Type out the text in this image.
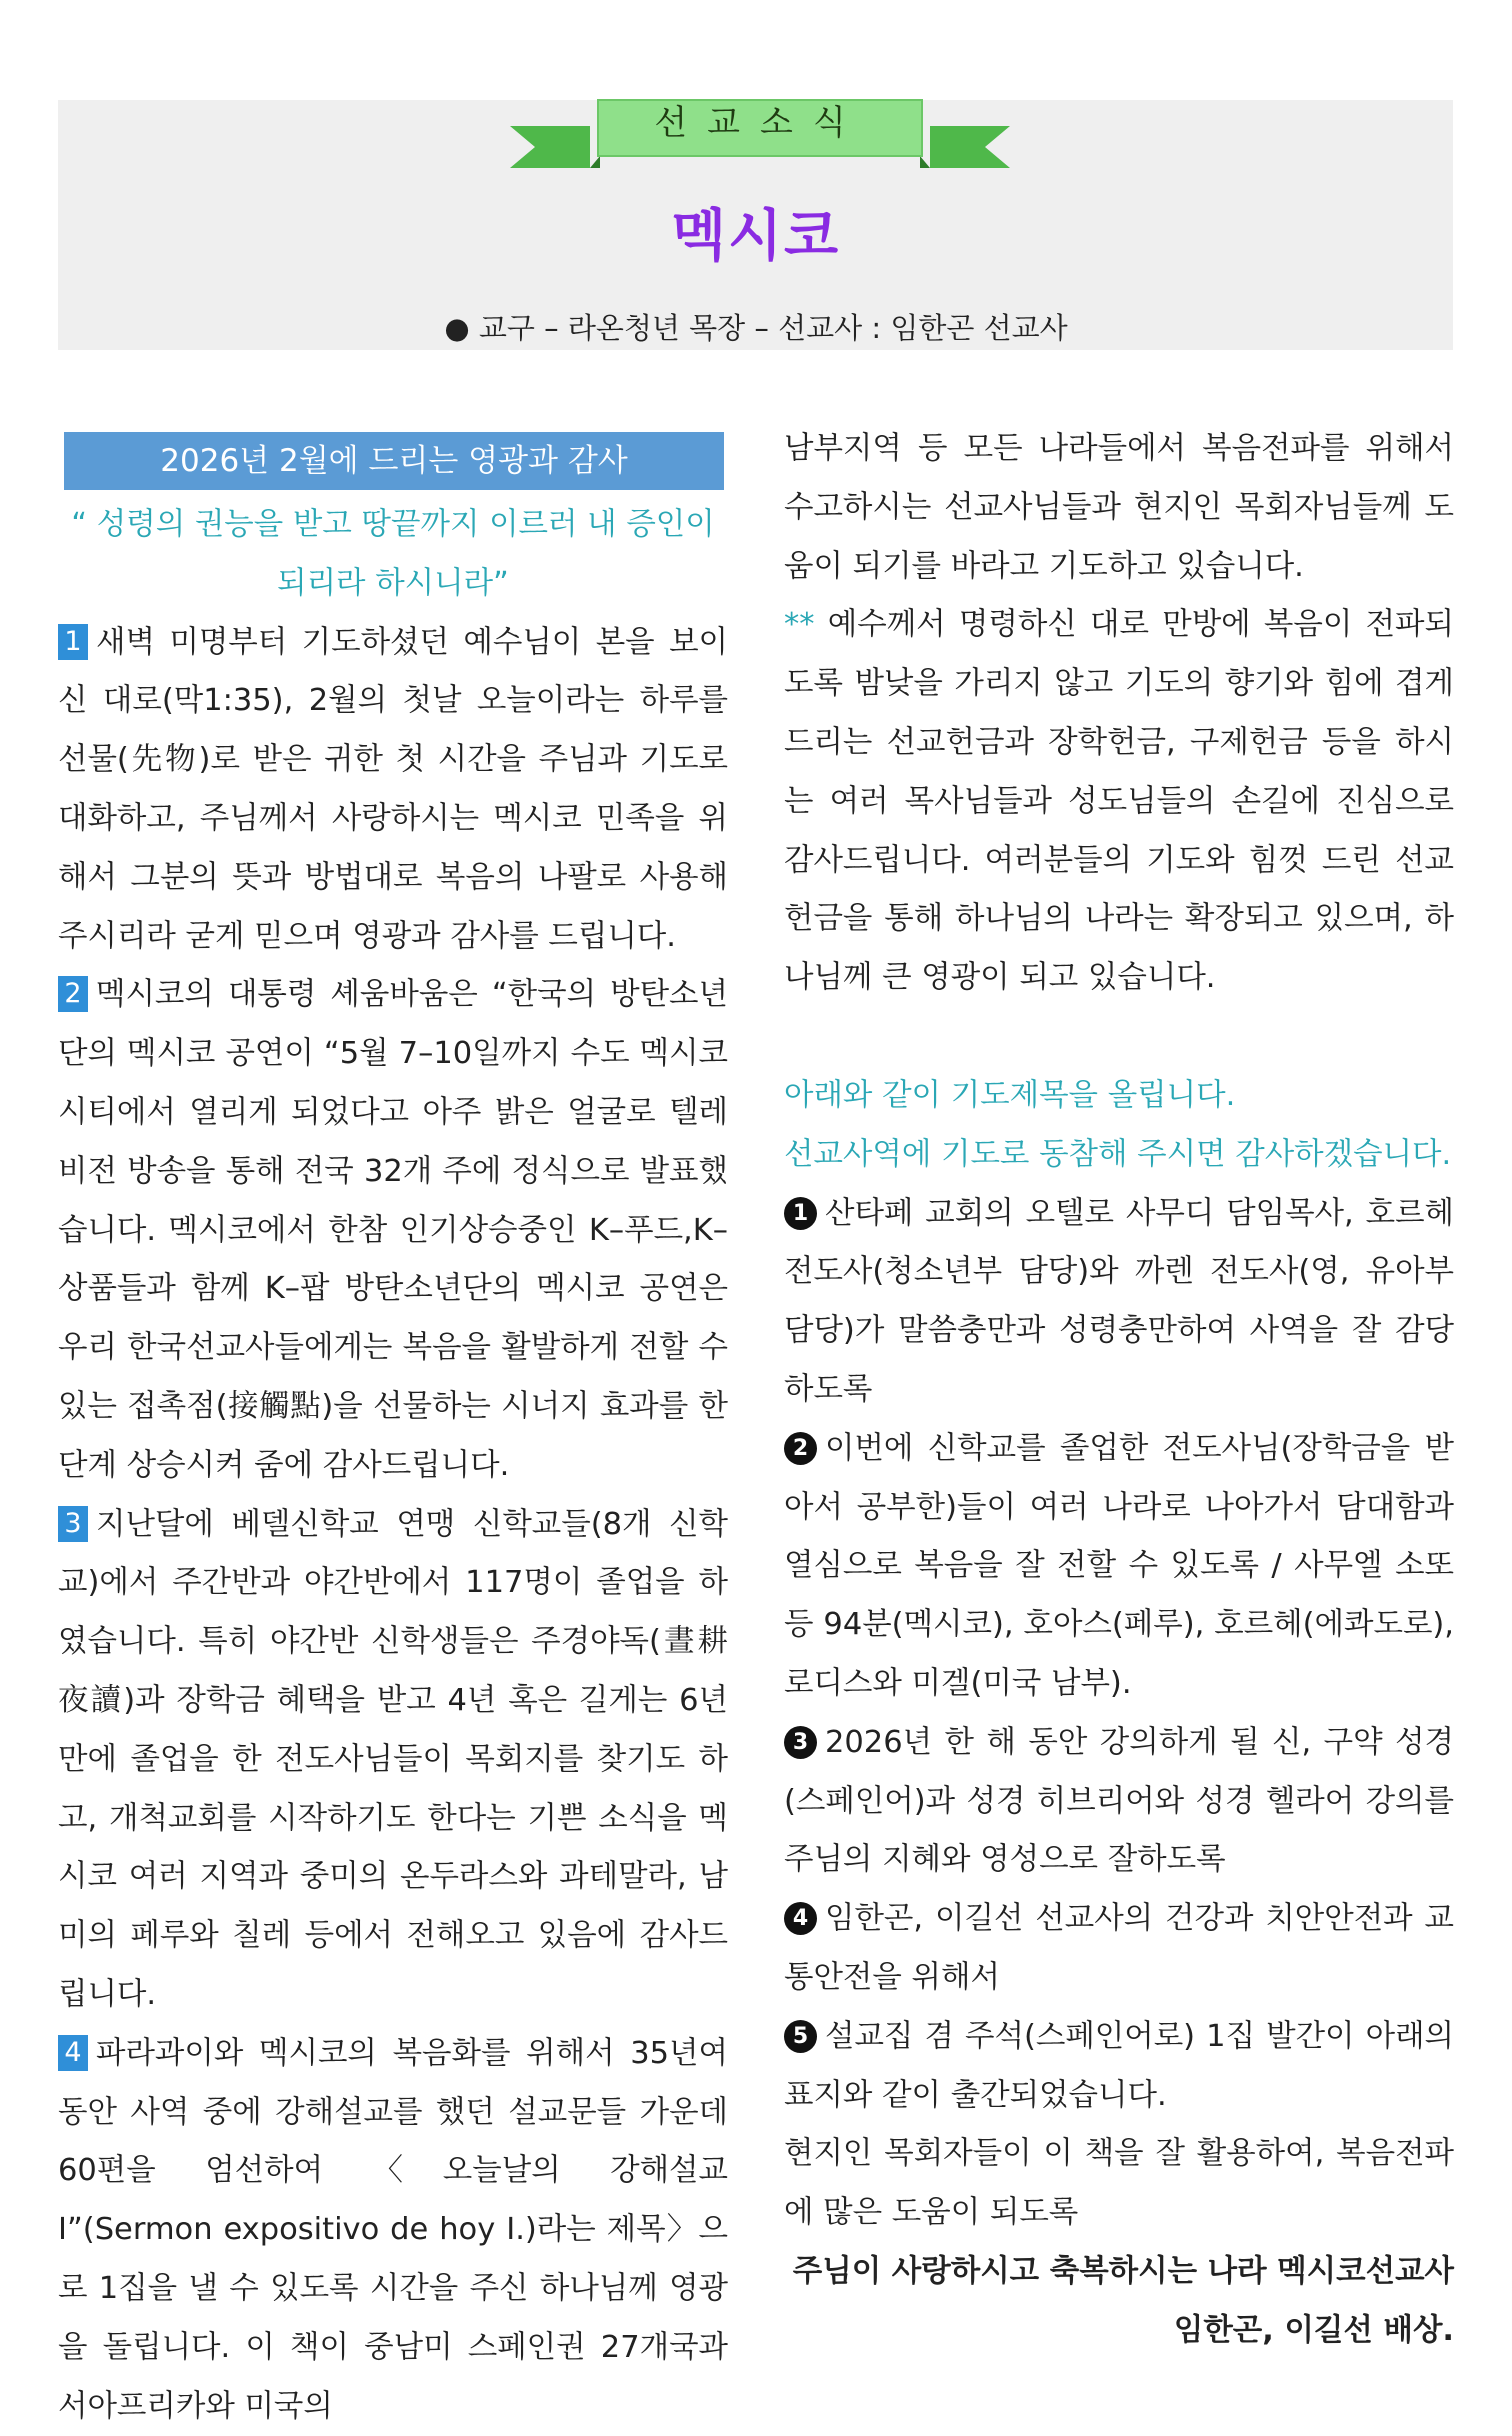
선교소식
멕시코
● 교구 – 라온청년 목장 – 선교사 : 임한곤 선교사
2026년 2월에 드리는 영광과 감사

“ 성령의 권능을 받고 땅끝까지 이르러 내 증인이 되리라 하시니라”

1 새벽 미명부터 기도하셨던 예수님이 본을 보이신 대로(막1:35), 2월의 첫날 오늘이라는 하루를 선물(先物)로 받은 귀한 첫 시간을 주님과 기도로 대화하고, 주님께서 사랑하시는 멕시코 민족을 위해서 그분의 뜻과 방법대로 복음의 나팔로 사용해 주시리라 굳게 믿으며 영광과 감사를 드립니다.

2 멕시코의 대통령 셰움바움은 “한국의 방탄소년단의 멕시코 공연이 “5월 7–10일까지 수도 멕시코시티에서 열리게 되었다고 아주 밝은 얼굴로 텔레비전 방송을 통해 전국 32개 주에 정식으로 발표했습니다. 멕시코에서 한참 인기상승중인 K–푸드,K–상품들과 함께 K–팝 방탄소년단의 멕시코 공연은 우리 한국선교사들에게는 복음을 활발하게 전할 수 있는 접촉점(接觸點)을 선물하는 시너지 효과를 한 단계 상승시켜 줌에 감사드립니다.

3 지난달에 베델신학교 연맹 신학교들(8개 신학교)에서 주간반과 야간반에서 117명이 졸업을 하였습니다. 특히 야간반 신학생들은 주경야독(晝耕夜讀)과 장학금 혜택을 받고 4년 혹은 길게는 6년 만에 졸업을 한 전도사님들이 목회지를 찾기도 하고, 개척교회를 시작하기도 한다는 기쁜 소식을 멕시코 여러 지역과 중미의 온두라스와 과테말라, 남미의 페루와 칠레 등에서 전해오고 있음에 감사드립니다.

4 파라과이와 멕시코의 복음화를 위해서 35년여 동안 사역 중에 강해설교를 했던 설교문들 가운데 60편을 엄선하여 〈오늘날의 강해설교 I”(Sermon expositivo de hoy I.)라는 제목〉으로 1집을 낼 수 있도록 시간을 주신 하나님께 영광을 돌립니다. 이 책이 중남미 스페인권 27개국과 서아프리카와 미국의

남부지역 등 모든 나라들에서 복음전파를 위해서 수고하시는 선교사님들과 현지인 목회자님들께 도움이 되기를 바라고 기도하고 있습니다.

** 예수께서 명령하신 대로 만방에 복음이 전파되도록 밤낮을 가리지 않고 기도의 향기와 힘에 겹게 드리는 선교헌금과 장학헌금, 구제헌금 등을 하시는 여러 목사님들과 성도님들의 손길에 진심으로 감사드립니다. 여러분들의 기도와 힘껏 드린 선교헌금을 통해 하나님의 나라는 확장되고 있으며, 하나님께 큰 영광이 되고 있습니다.

아래와 같이 기도제목을 올립니다.

선교사역에 기도로 동참해 주시면 감사하겠습니다.

1 산타페 교회의 오텔로 사무디 담임목사, 호르헤 전도사(청소년부 담당)와 까렌 전도사(영, 유아부 담당)가 말씀충만과 성령충만하여 사역을 잘 감당하도록

2 이번에 신학교를 졸업한 전도사님(장학금을 받아서 공부한)들이 여러 나라로 나아가서 담대함과 열심으로 복음을 잘 전할 수 있도록 / 사무엘 소또 등 94분(멕시코), 호아스(페루), 호르헤(에콰도로), 로디스와 미겔(미국 남부).

3 2026년 한 해 동안 강의하게 될 신, 구약 성경(스페인어)과 성경 히브리어와 성경 헬라어 강의를 주님의 지혜와 영성으로 잘하도록

4 임한곤, 이길선 선교사의 건강과 치안안전과 교통안전을 위해서

5 설교집 겸 주석(스페인어로) 1집 발간이 아래의 표지와 같이 출간되었습니다.

현지인 목회자들이 이 책을 잘 활용하여, 복음전파에 많은 도움이 되도록

주님이 사랑하시고 축복하시는 나라 멕시코선교사

임한곤, 이길선 배상.
